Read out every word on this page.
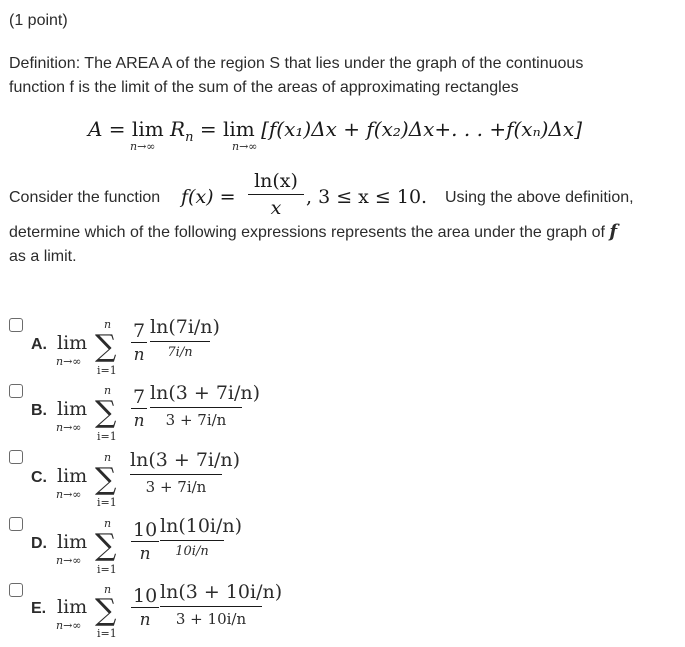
(1 point)
Definition: The AREA A of the region S that lies under the graph of the continuous
function f is the limit of the sum of the areas of approximating rectangles
$A = \lim R_n = \lim [f(x_1)\Delta x + f(x_2)\Delta x+$. . . +f(xₙ)Δx]
n→∞	n→∞
Consider the function $f(x) = \frac{\ln(x)}{x}$ , 3 ≤ x ≤ 10. Using the above definition,
determine which of the following expressions represents the area under the graph of f
as a limit.
A. lim
n→∞
n
∑
i=1
$\frac{7}{n} \ln(7i/n)$
7i/n
B. lim
n→∞
n
∑
i=1
$\frac{7}{n} \ln(3 + 7i/n)$
3 + 7i/n
C. lim
n→∞
n
∑
i=1
ln(3 + 7i/n)
3 + 7i/n
D. lim
n→∞
n
∑
i=1
$\frac{10}{n} \ln(10i/n)$
10i/n
E. lim
n→∞
n
∑
i=1
$\frac{10}{n} \ln(3 + 10i/n)$
3 + 10i/n
